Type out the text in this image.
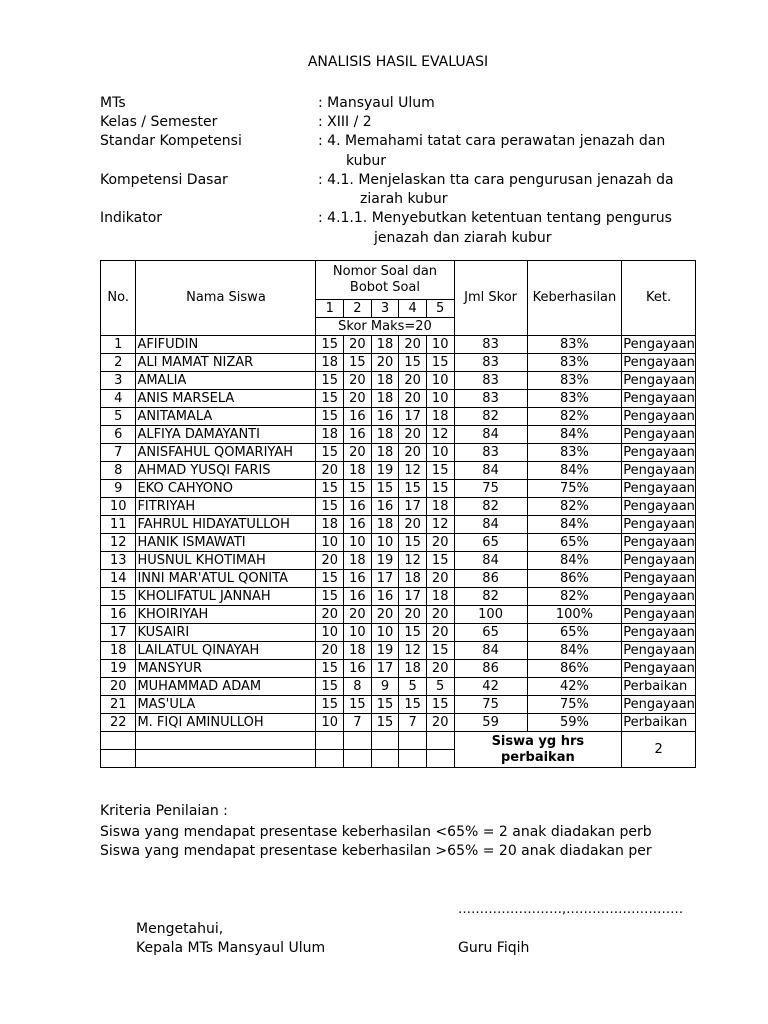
ANALISIS HASIL EVALUASI
MTs	: Mansyaul Ulum
Kelas / Semester	: XIII / 2
Standar Kompetensi	: 4. Memahami tatat cara perawatan jenazah dan
kubur
Kompetensi Dasar	: 4.1. Menjelaskan tta cara pengurusan jenazah da
ziarah kubur
Indikator	: 4.1.1. Menyebutkan ketentuan tentang pengurus
jenazah dan ziarah kubur
No.	Nama Siswa	Nomor Soal dan Bobot Soal					Jml Skor	Keberhasilan	Ket.
		1	2	3	4	5			
		Skor Maks=20							
1	AFIFUDIN	15	20	18	20	10	83	83%	Pengayaan
2	ALI MAMAT NIZAR	18	15	20	15	15	83	83%	Pengayaan
3	AMALIA	15	20	18	20	10	83	83%	Pengayaan
4	ANIS MARSELA	15	20	18	20	10	83	83%	Pengayaan
5	ANITAMALA	15	16	16	17	18	82	82%	Pengayaan
6	ALFIYA DAMAYANTI	18	16	18	20	12	84	84%	Pengayaan
7	ANISFAHUL QOMARIYAH	15	20	18	20	10	83	83%	Pengayaan
8	AHMAD YUSQI FARIS	20	18	19	12	15	84	84%	Pengayaan
9	EKO CAHYONO	15	15	15	15	15	75	75%	Pengayaan
10	FITRIYAH	15	16	16	17	18	82	82%	Pengayaan
11	FAHRUL HIDAYATULLOH	18	16	18	20	12	84	84%	Pengayaan
12	HANIK ISMAWATI	10	10	10	15	20	65	65%	Pengayaan
13	HUSNUL KHOTIMAH	20	18	19	12	15	84	84%	Pengayaan
14	INNI MAR'ATUL QONITA	15	16	17	18	20	86	86%	Pengayaan
15	KHOLIFATUL JANNAH	15	16	16	17	18	82	82%	Pengayaan
16	KHOIRIYAH	20	20	20	20	20	100	100%	Pengayaan
17	KUSAIRI	10	10	10	15	20	65	65%	Pengayaan
18	LAILATUL QINAYAH	20	18	19	12	15	84	84%	Pengayaan
19	MANSYUR	15	16	17	18	20	86	86%	Pengayaan
20	MUHAMMAD ADAM	15	8	9	5	5	42	42%	Perbaikan
21	MAS'ULA	15	15	15	15	15	75	75%	Pengayaan
22	M. FIQI AMINULLOH	10	7	15	7	20	59	59%	Perbaikan
							Siswa yg hrs perbaikan		2

Kriteria Penilaian :
Siswa yang mendapat presentase keberhasilan <65% = 2 anak diadakan perb
Siswa yang mendapat presentase keberhasilan >65% = 20 anak diadakan per
……………………,………………………
Mengetahui,
Kepala MTs Mansyaul Ulum	Guru Fiqih
